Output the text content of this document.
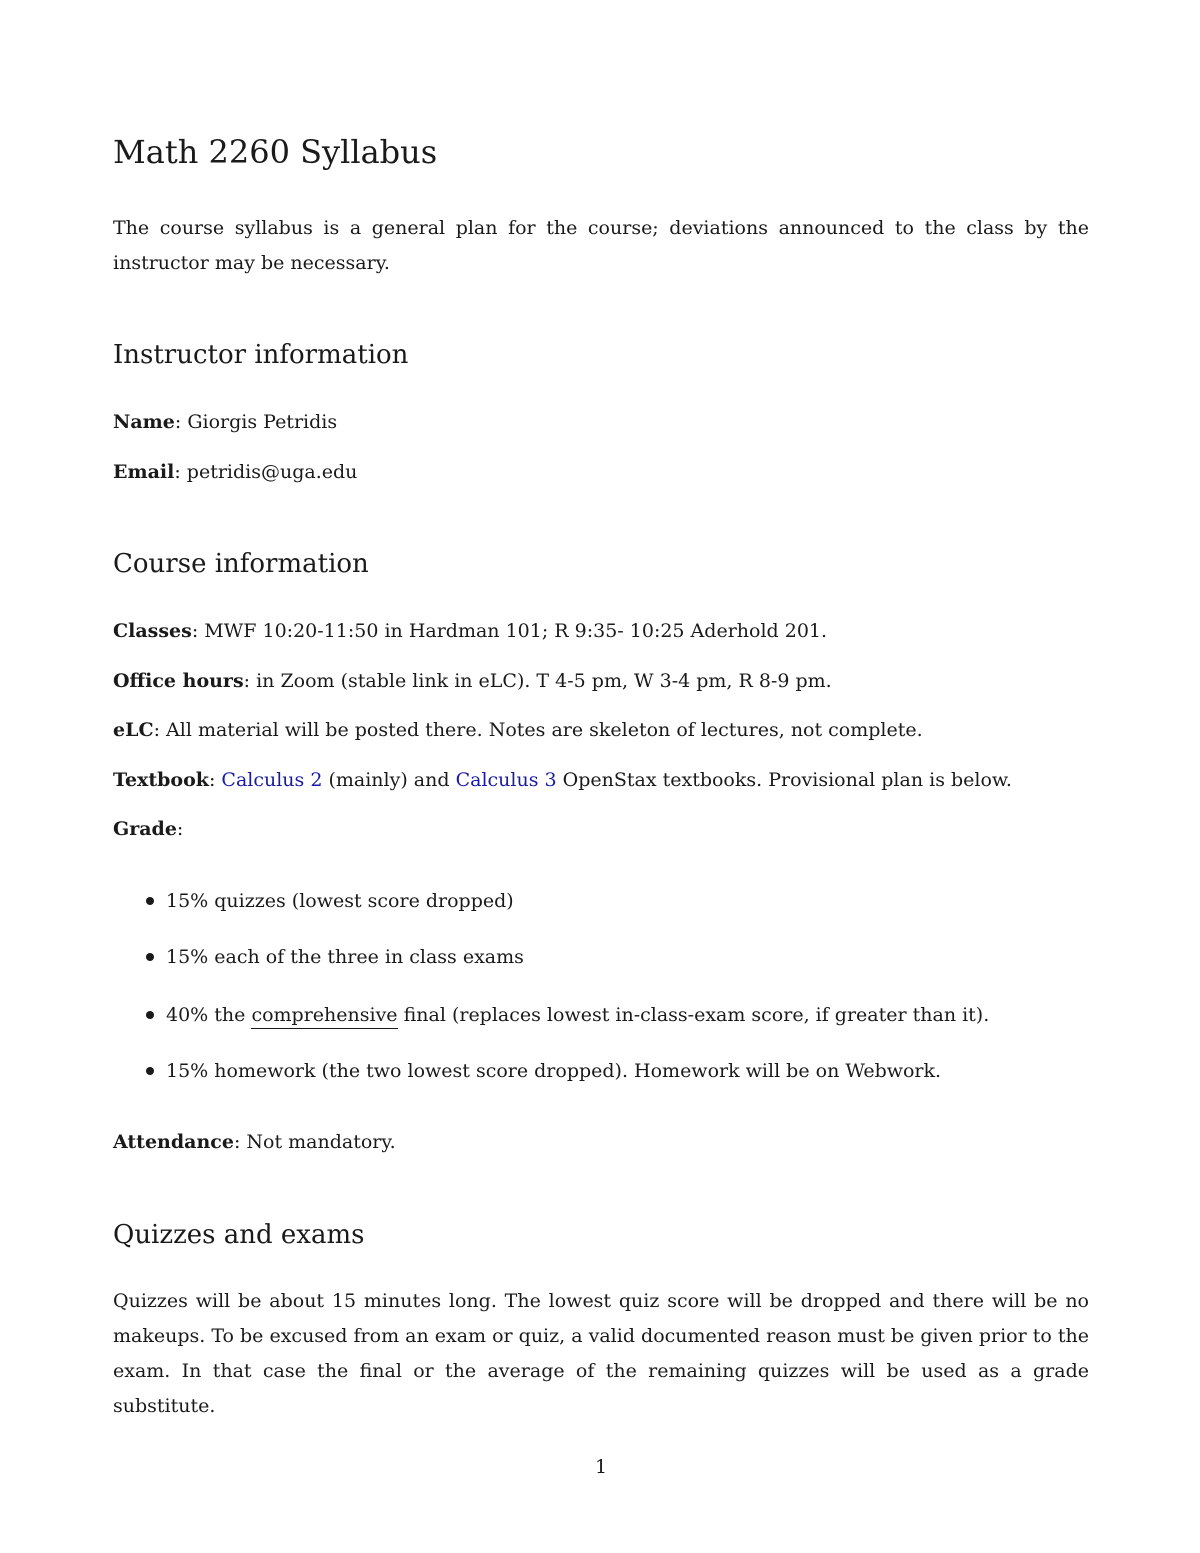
Math 2260 Syllabus

The course syllabus is a general plan for the course; deviations announced to the class by the instructor may be necessary.

Instructor information

Name: Giorgis Petridis

Email: petridis@uga.edu

Course information

Classes: MWF 10:20-11:50 in Hardman 101; R 9:35- 10:25 Aderhold 201.

Office hours: in Zoom (stable link in eLC). T 4-5 pm, W 3-4 pm, R 8-9 pm.

eLC: All material will be posted there. Notes are skeleton of lectures, not complete.

Textbook: Calculus 2 (mainly) and Calculus 3 OpenStax textbooks. Provisional plan is below.

Grade:

15% quizzes (lowest score dropped)

15% each of the three in class exams

40% the comprehensive final (replaces lowest in-class-exam score, if greater than it).

15% homework (the two lowest score dropped). Homework will be on Webwork.

Attendance: Not mandatory.

Quizzes and exams

Quizzes will be about 15 minutes long. The lowest quiz score will be dropped and there will be no makeups. To be excused from an exam or quiz, a valid documented reason must be given prior to the exam. In that case the final or the average of the remaining quizzes will be used as a grade substitute.

1
